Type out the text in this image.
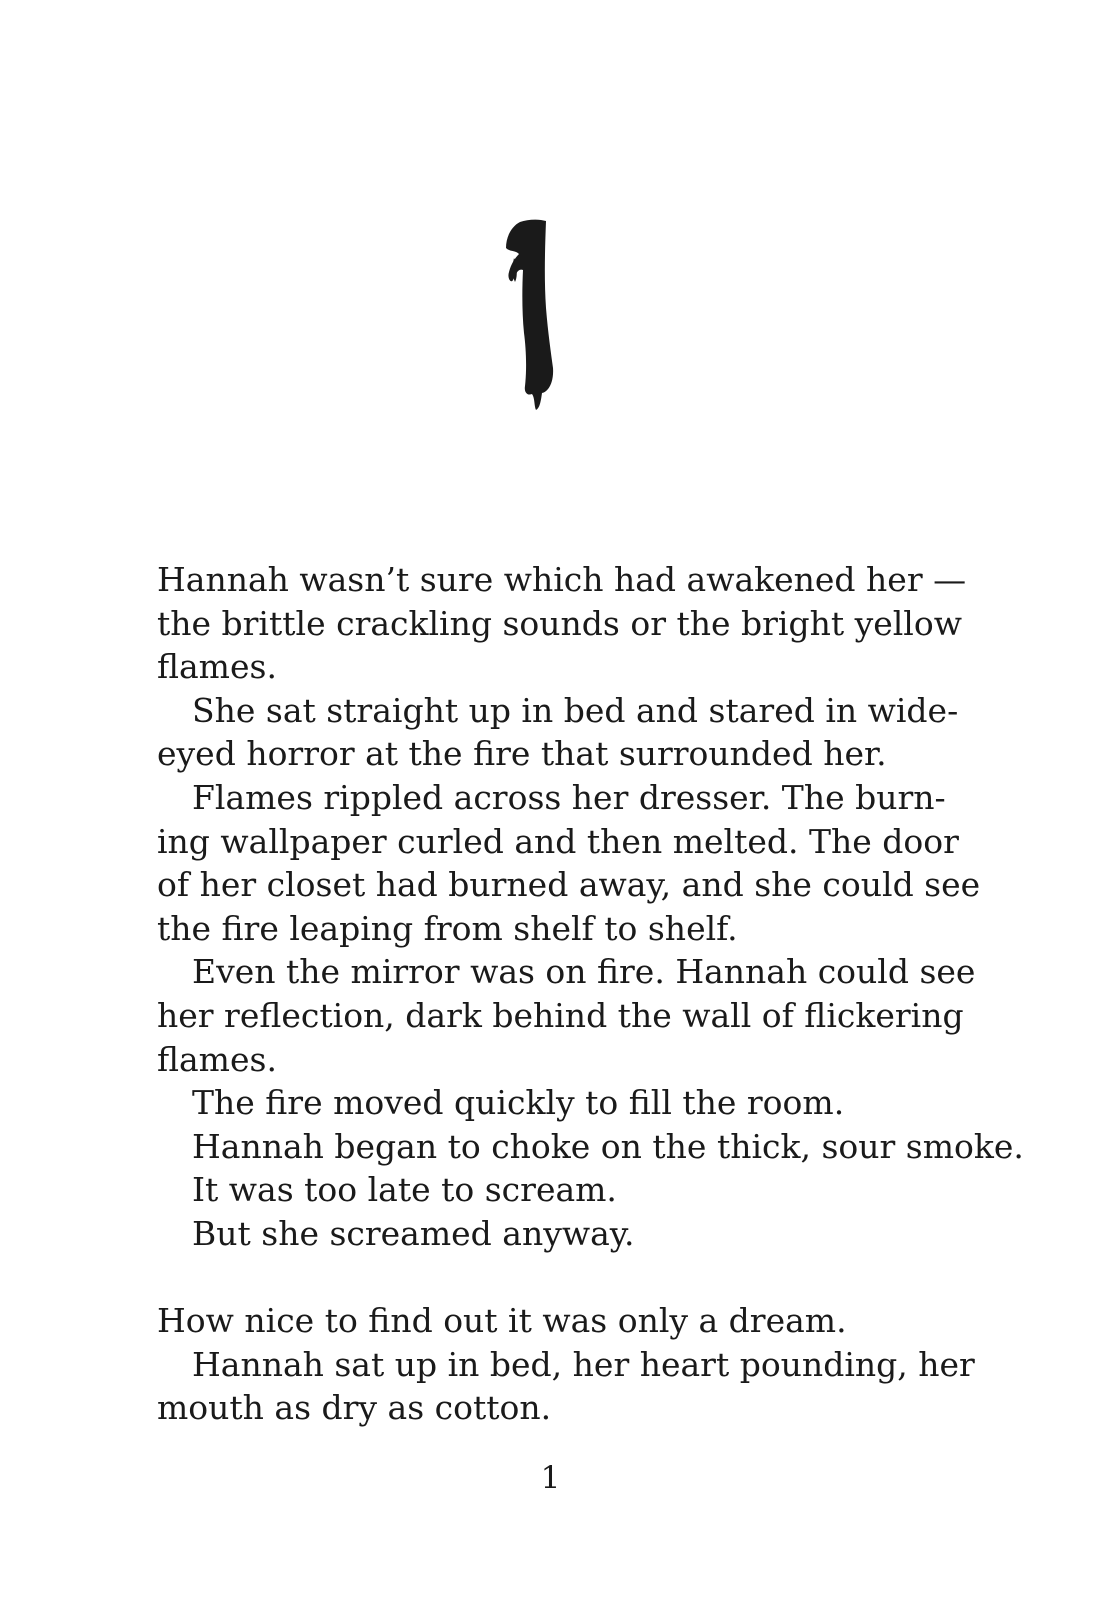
Hannah wasn’t sure which had awakened her —
the brittle crackling sounds or the bright yellow
flames.
She sat straight up in bed and stared in wide-
eyed horror at the fire that surrounded her.
Flames rippled across her dresser. The burn-
ing wallpaper curled and then melted. The door
of her closet had burned away, and she could see
the fire leaping from shelf to shelf.
Even the mirror was on fire. Hannah could see
her reflection, dark behind the wall of flickering
flames.
The fire moved quickly to fill the room.
Hannah began to choke on the thick, sour smoke.
It was too late to scream.
But she screamed anyway.
How nice to find out it was only a dream.
Hannah sat up in bed, her heart pounding, her
mouth as dry as cotton.
1
